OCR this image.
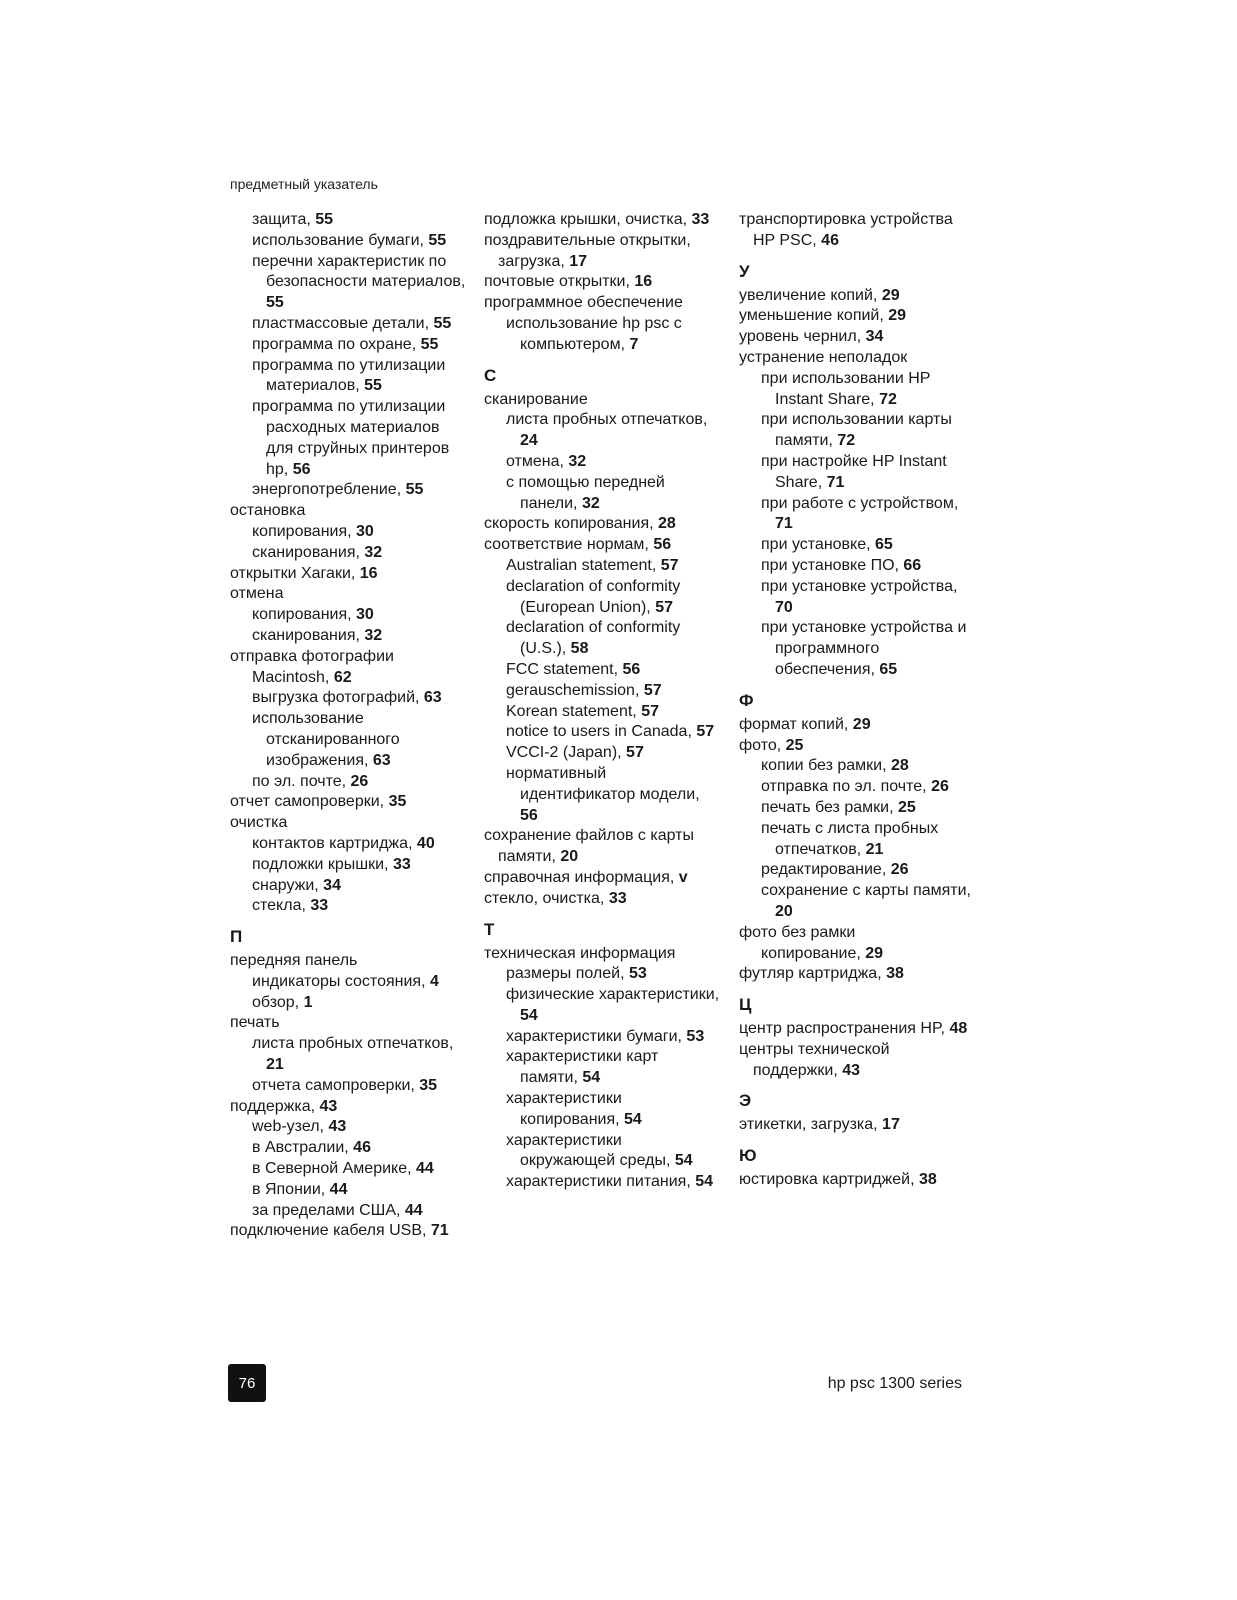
предметный указатель
защита, 55
использование бумаги, 55
перечни характеристик по безопасности материалов, 55
пластмассовые детали, 55
программа по охране, 55
программа по утилизации материалов, 55
программа по утилизации расходных материалов для струйных принтеров hp, 56
энергопотребление, 55
остановка
копирования, 30
сканирования, 32
открытки Хагаки, 16
отмена
копирования, 30
сканирования, 32
отправка фотографии
Macintosh, 62
выгрузка фотографий, 63
использование отсканированного изображения, 63
по эл. почте, 26
отчет самопроверки, 35
очистка
контактов картриджа, 40
подложки крышки, 33
снаружи, 34
стекла, 33
П
передняя панель
индикаторы состояния, 4
обзор, 1
печать
листа пробных отпечатков, 21
отчета самопроверки, 35
поддержка, 43
web-узел, 43
в Австралии, 46
в Северной Америке, 44
в Японии, 44
за пределами США, 44
подключение кабеля USB, 71
подложка крышки, очистка, 33
поздравительные открытки, загрузка, 17
почтовые открытки, 16
программное обеспечение
использование hp psc с компьютером, 7
С
сканирование
листа пробных отпечатков, 24
отмена, 32
с помощью передней панели, 32
скорость копирования, 28
соответствие нормам, 56
Australian statement, 57
declaration of conformity (European Union), 57
declaration of conformity (U.S.), 58
FCC statement, 56
gerauschemission, 57
Korean statement, 57
notice to users in Canada, 57
VCCI-2 (Japan), 57
нормативный идентификатор модели, 56
сохранение файлов с карты памяти, 20
справочная информация, v
стекло, очистка, 33
Т
техническая информация
размеры полей, 53
физические характеристики, 54
характеристики бумаги, 53
характеристики карт памяти, 54
характеристики копирования, 54
характеристики окружающей среды, 54
характеристики питания, 54
транспортировка устройства HP PSC, 46
У
увеличение копий, 29
уменьшение копий, 29
уровень чернил, 34
устранение неполадок
при использовании HP Instant Share, 72
при использовании карты памяти, 72
при настройке HP Instant Share, 71
при работе с устройством, 71
при установке, 65
при установке ПО, 66
при установке устройства, 70
при установке устройства и программного обеспечения, 65
Ф
формат копий, 29
фото, 25
копии без рамки, 28
отправка по эл. почте, 26
печать без рамки, 25
печать с листа пробных отпечатков, 21
редактирование, 26
сохранение с карты памяти, 20
фото без рамки
копирование, 29
футляр картриджа, 38
Ц
центр распространения HP, 48
центры технической поддержки, 43
Э
этикетки, загрузка, 17
Ю
юстировка картриджей, 38
76	hp psc 1300 series
